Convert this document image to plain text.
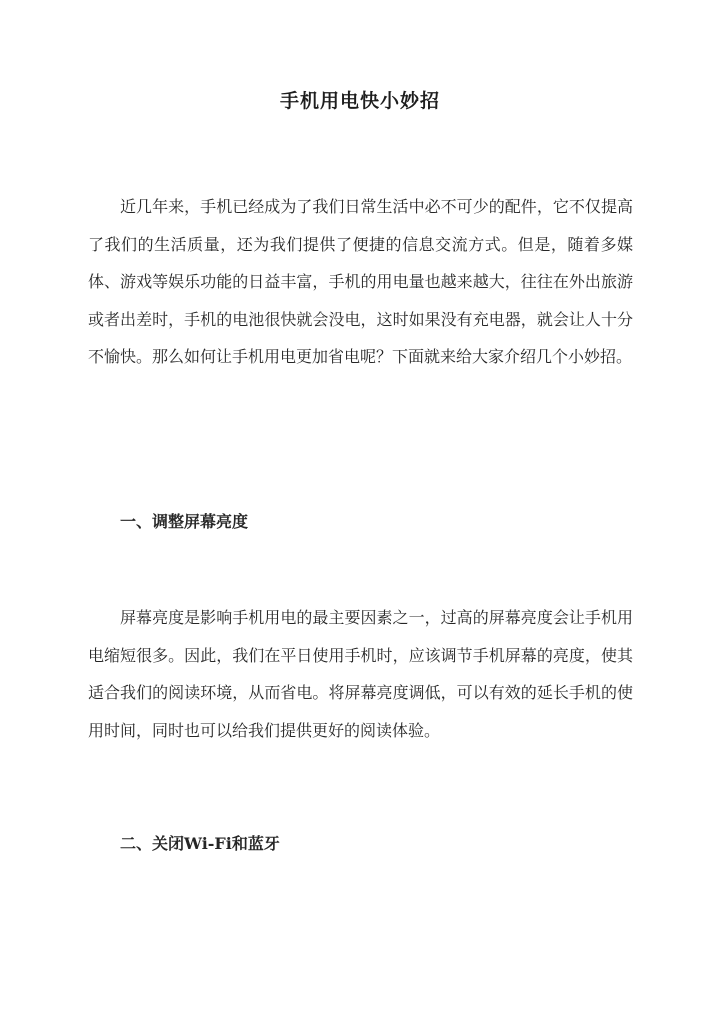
手机用电快小妙招

近几年来，手机已经成为了我们日常生活中必不可少的配件，它不仅提高了我们的生活质量，还为我们提供了便捷的信息交流方式。但是，随着多媒体、游戏等娱乐功能的日益丰富，手机的用电量也越来越大，往往在外出旅游或者出差时，手机的电池很快就会没电，这时如果没有充电器，就会让人十分不愉快。那么如何让手机用电更加省电呢？下面就来给大家介绍几个小妙招。

一、调整屏幕亮度

屏幕亮度是影响手机用电的最主要因素之一，过高的屏幕亮度会让手机用电缩短很多。因此，我们在平日使用手机时，应该调节手机屏幕的亮度，使其适合我们的阅读环境，从而省电。将屏幕亮度调低，可以有效的延长手机的使用时间，同时也可以给我们提供更好的阅读体验。

二、关闭Wi-Fi和蓝牙
